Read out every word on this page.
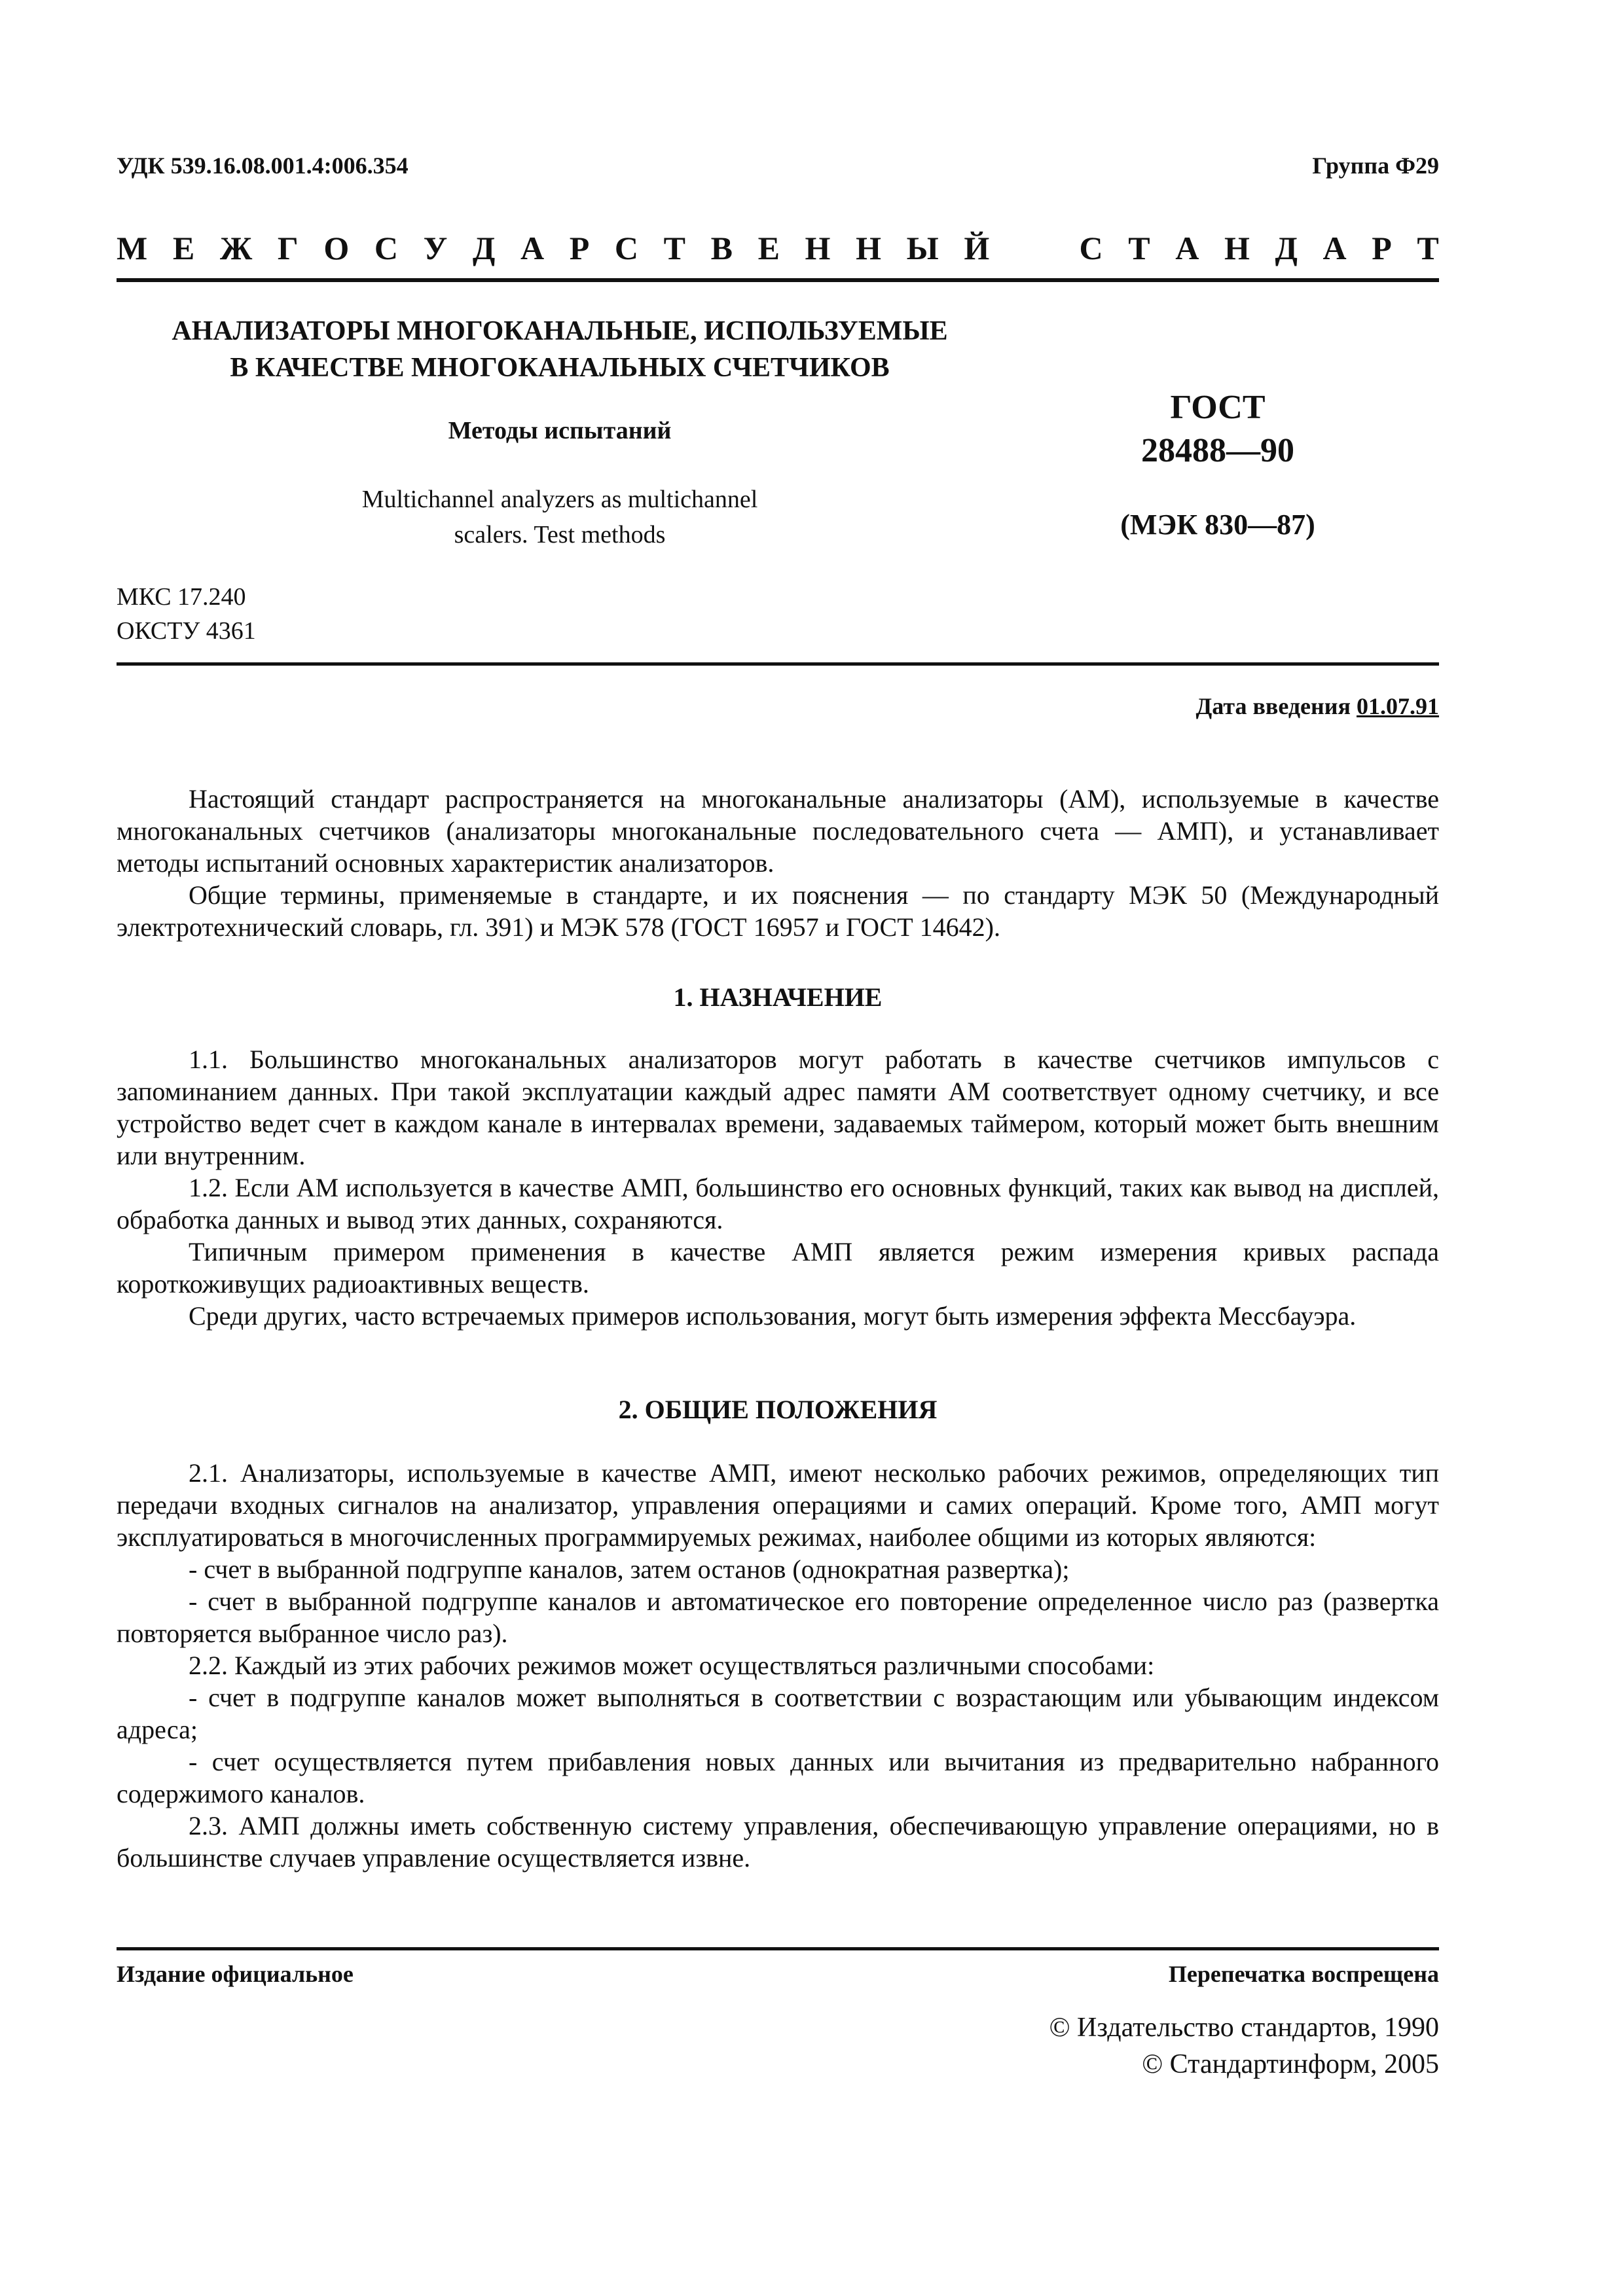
УДК 539.16.08.001.4:006.354	Группа Ф29
М Е Ж Г О С У Д А Р С Т В Е Н Н Ы Й	С Т А Н Д А Р Т
АНАЛИЗАТОРЫ МНОГОКАНАЛЬНЫЕ, ИСПОЛЬЗУЕМЫЕ
В КАЧЕСТВЕ МНОГОКАНАЛЬНЫХ СЧЕТЧИКОВ
Методы испытаний
Multichannel analyzers as multichannel
scalers. Test methods
ГОСТ
28488—90
(МЭК 830—87)
МКС 17.240
ОКСТУ 4361
Дата введения 01.07.91

Настоящий стандарт распространяется на многоканальные анализаторы (АМ), используемые в качестве многоканальных счетчиков (анализаторы многоканальные последовательного счета — АМП), и устанавливает методы испытаний основных характеристик анализаторов.

Общие термины, применяемые в стандарте, и их пояснения — по стандарту МЭК 50 (Международный электротехнический словарь, гл. 391) и МЭК 578 (ГОСТ 16957 и ГОСТ 14642).

1. НАЗНАЧЕНИЕ

1.1. Большинство многоканальных анализаторов могут работать в качестве счетчиков импульсов с запоминанием данных. При такой эксплуатации каждый адрес памяти АМ соответствует одному счетчику, и все устройство ведет счет в каждом канале в интервалах времени, задаваемых таймером, который может быть внешним или внутренним.

1.2. Если АМ используется в качестве АМП, большинство его основных функций, таких как вывод на дисплей, обработка данных и вывод этих данных, сохраняются.

Типичным примером применения в качестве АМП является режим измерения кривых распада короткоживущих радиоактивных веществ.

Среди других, часто встречаемых примеров использования, могут быть измерения эффекта Мессбауэра.

2. ОБЩИЕ ПОЛОЖЕНИЯ

2.1. Анализаторы, используемые в качестве АМП, имеют несколько рабочих режимов, определяющих тип передачи входных сигналов на анализатор, управления операциями и самих операций. Кроме того, АМП могут эксплуатироваться в многочисленных программируемых режимах, наиболее общими из которых являются:

- счет в выбранной подгруппе каналов, затем останов (однократная развертка);

- счет в выбранной подгруппе каналов и автоматическое его повторение определенное число раз (развертка повторяется выбранное число раз).

2.2. Каждый из этих рабочих режимов может осуществляться различными способами:

- счет в подгруппе каналов может выполняться в соответствии с возрастающим или убывающим индексом адреса;

- счет осуществляется путем прибавления новых данных или вычитания из предварительно набранного содержимого каналов.

2.3. АМП должны иметь собственную систему управления, обеспечивающую управление операциями, но в большинстве случаев управление осуществляется извне.

Издание официальное	Перепечатка воспрещена
© Издательство стандартов, 1990
© Стандартинформ, 2005
